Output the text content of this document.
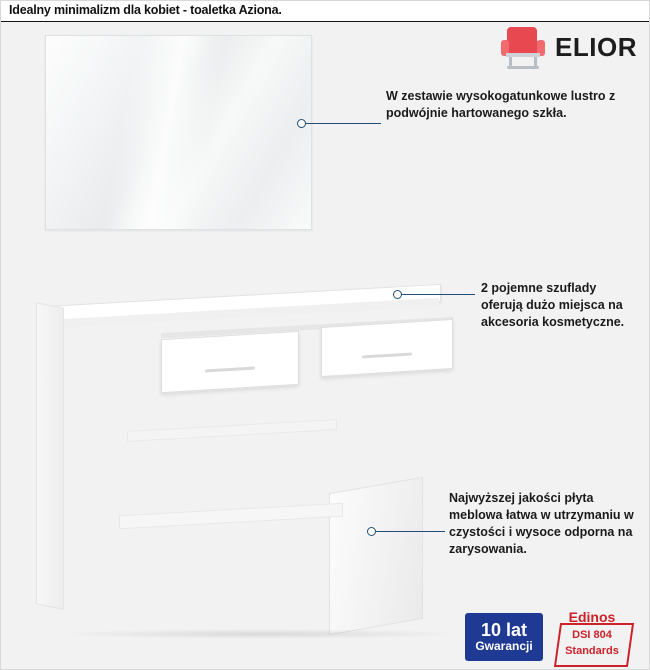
Idealny minimalizm dla kobiet - toaletka Aziona.
ELIOR
W zestawie wysokogatunkowe lustro z podwójnie hartowanego szkła.
2 pojemne szuflady oferują dużo miejsca na akcesoria kosmetyczne.
Najwyższej jakości płyta meblowa łatwa w utrzymaniu w czystości i wysoce odporna na zarysowania.
10 lat
Gwarancji
Edinos
DSI 804
Standards
